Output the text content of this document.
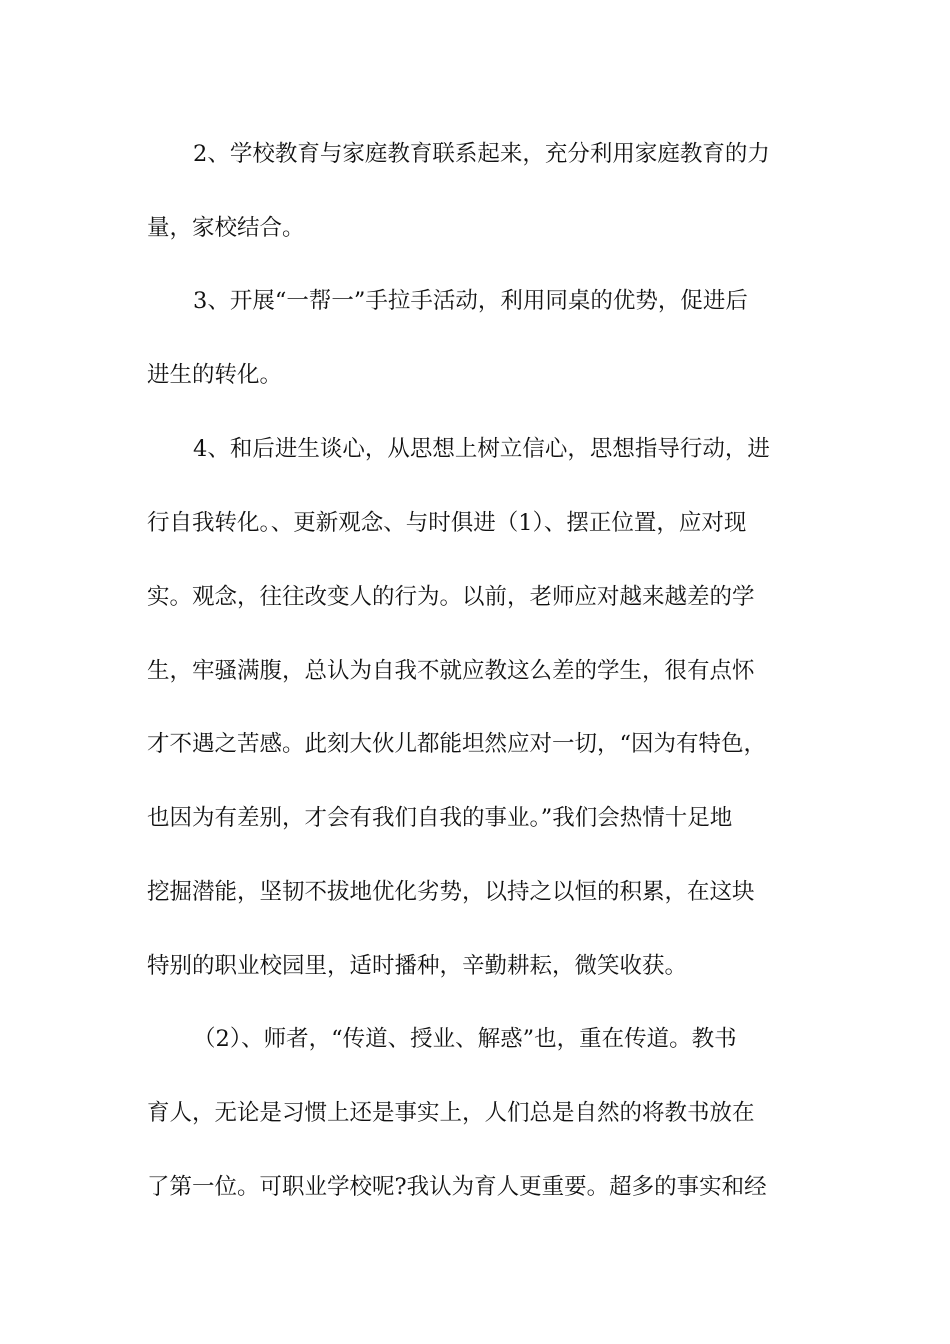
2、学校教育与家庭教育联系起来，充分利用家庭教育的力
量，家校结合。
3、开展“一帮一”手拉手活动，利用同桌的优势，促进后
进生的转化。
4、和后进生谈心，从思想上树立信心，思想指导行动，进
行自我转化。、更新观念、与时俱进（1）、摆正位置，应对现
实。观念，往往改变人的行为。以前，老师应对越来越差的学
生，牢骚满腹，总认为自我不就应教这么差的学生，很有点怀
才不遇之苦感。此刻大伙儿都能坦然应对一切，“因为有特色，
也因为有差别，才会有我们自我的事业。”我们会热情十足地
挖掘潜能，坚韧不拔地优化劣势，以持之以恒的积累，在这块
特别的职业校园里，适时播种，辛勤耕耘，微笑收获。
（2）、师者，“传道、授业、解惑”也，重在传道。教书
育人，无论是习惯上还是事实上，人们总是自然的将教书放在
了第一位。可职业学校呢?我认为育人更重要。超多的事实和经
